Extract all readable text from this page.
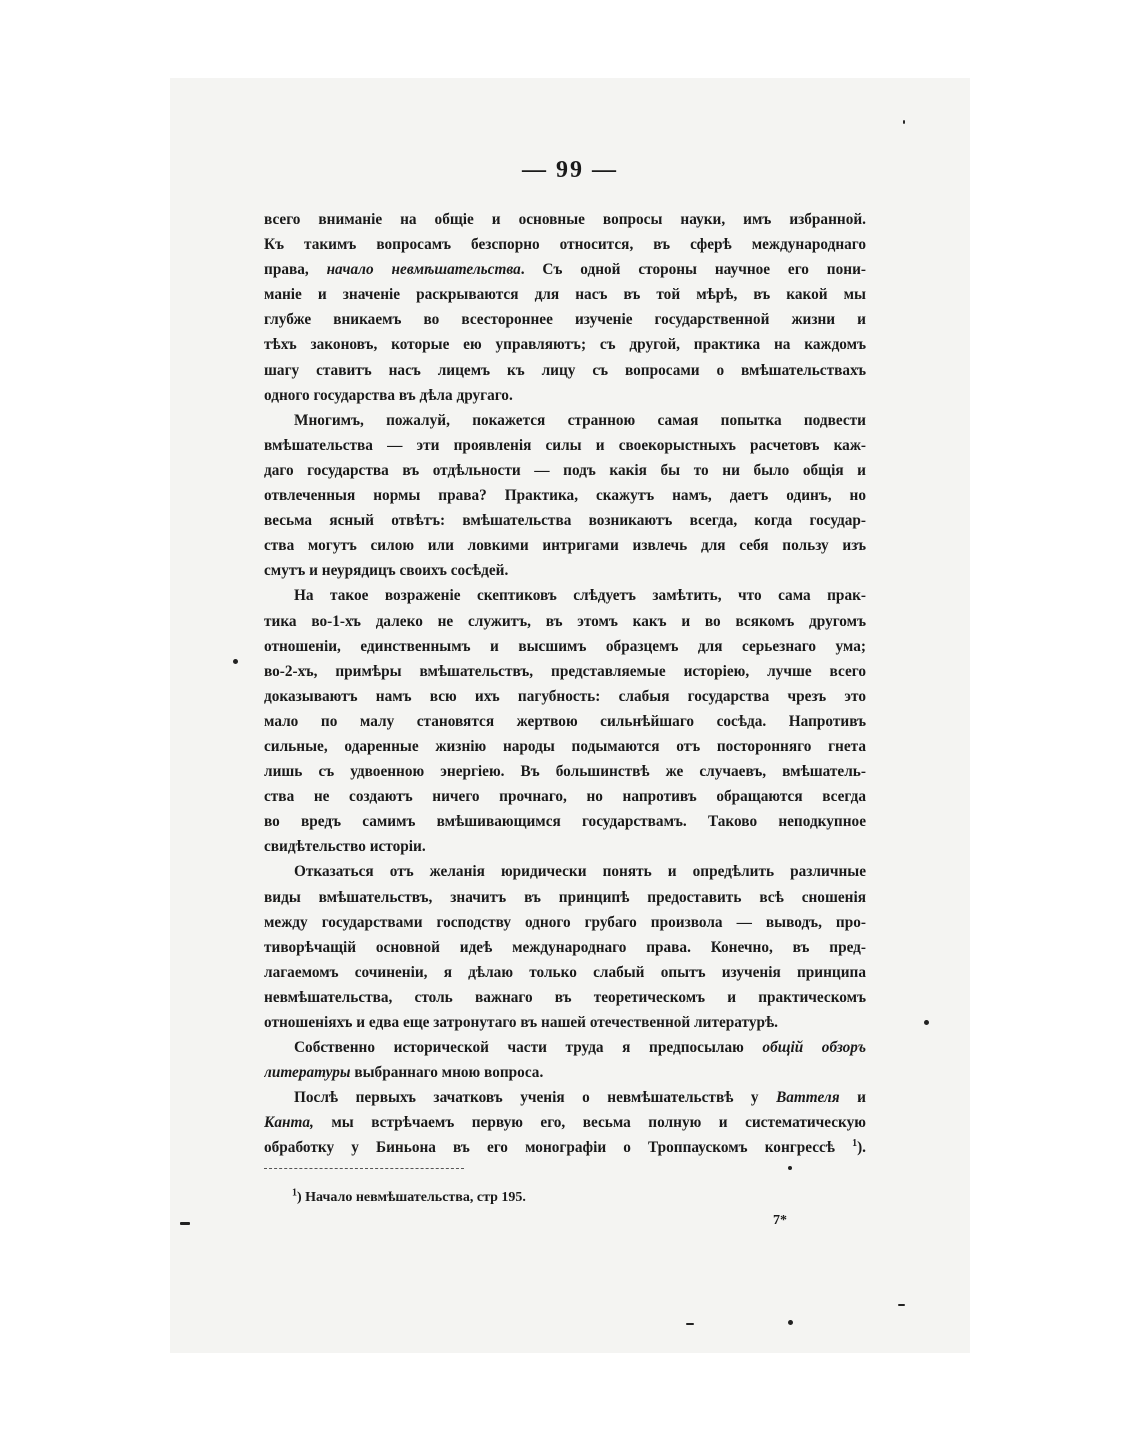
— 99 —
всего вниманіе на общіе и основные вопросы науки, имъ избранной.
Къ такимъ вопросамъ безспорно относится, въ сферѣ международнаго
права, начало невмѣшательства. Съ одной стороны научное его пони-
маніе и значеніе раскрываются для насъ въ той мѣрѣ, въ какой мы
глубже вникаемъ во всестороннее изученіе государственной жизни и
тѣхъ законовъ, которые ею управляютъ; съ другой, практика на каждомъ
шагу ставитъ насъ лицемъ къ лицу съ вопросами о вмѣшательствахъ
одного государства въ дѣла другаго.
Многимъ, пожалуй, покажется странною самая попытка подвести
вмѣшательства — эти проявленія силы и своекорыстныхъ расчетовъ каж-
даго государства въ отдѣльности — подъ какія бы то ни было общія и
отвлеченныя нормы права? Практика, скажутъ намъ, даетъ одинъ, но
весьма ясный отвѣтъ: вмѣшательства возникаютъ всегда, когда государ-
ства могутъ силою или ловкими интригами извлечь для себя пользу изъ
смутъ и неурядицъ своихъ сосѣдей.
На такое возраженіе скептиковъ слѣдуетъ замѣтить, что сама прак-
тика во-1-хъ далеко не служитъ, въ этомъ какъ и во всякомъ другомъ
отношеніи, единственнымъ и высшимъ образцемъ для серьезнаго ума;
во-2-хъ, примѣры вмѣшательствъ, представляемые исторіею, лучше всего
доказываютъ намъ всю ихъ пагубность: слабыя государства чрезъ это
мало по малу становятся жертвою сильнѣйшаго сосѣда. Напротивъ
сильные, одаренные жизнію народы подымаются отъ посторонняго гнета
лишь съ удвоенною энергіею. Въ большинствѣ же случаевъ, вмѣшатель-
ства не создаютъ ничего прочнаго, но напротивъ обращаются всегда
во вредъ самимъ вмѣшивающимся государствамъ. Таково неподкупное
свидѣтельство исторіи.
Отказаться отъ желанія юридически понять и опредѣлить различные
виды вмѣшательствъ, значитъ въ принципѣ предоставить всѣ сношенія
между государствами господству одного грубаго произвола — выводъ, про-
тиворѣчащій основной идеѣ международнаго права. Конечно, въ пред-
лагаемомъ сочиненіи, я дѣлаю только слабый опытъ изученія принципа
невмѣшательства, столь важнаго въ теоретическомъ и практическомъ
отношеніяхъ и едва еще затронутаго въ нашей отечественной литературѣ.
Собственно исторической части труда я предпосылаю общій обзоръ
литературы выбраннаго мною вопроса.
Послѣ первыхъ зачатковъ ученія о невмѣшательствѣ у Ваттеля и
Канта, мы встрѣчаемъ первую его, весьма полную и систематическую
обработку у Биньона въ его монографіи о Троппаускомъ конгрессѣ $^1$).
$^1$) Начало невмѣшательства, стр 195.
7*
